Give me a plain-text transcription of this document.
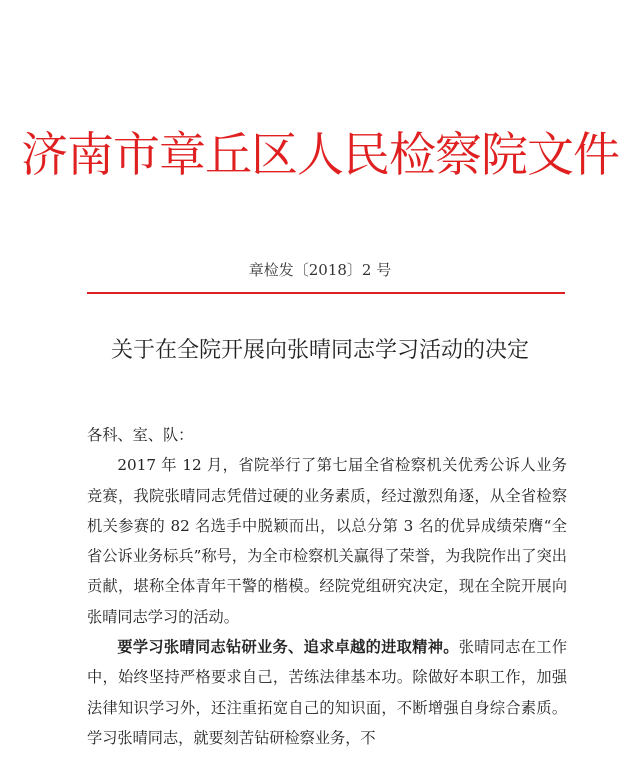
济南市章丘区人民检察院文件
章检发〔2018〕2 号
关于在全院开展向张晴同志学习活动的决定

各科、室、队：

2017 年 12 月，省院举行了第七届全省检察机关优秀公诉人业务竞赛，我院张晴同志凭借过硬的业务素质，经过激烈角逐，从全省检察机关参赛的 82 名选手中脱颖而出，以总分第 3 名的优异成绩荣膺“全省公诉业务标兵”称号，为全市检察机关赢得了荣誉，为我院作出了突出贡献，堪称全体青年干警的楷模。经院党组研究决定，现在全院开展向张晴同志学习的活动。

要学习张晴同志钻研业务、追求卓越的进取精神。张晴同志在工作中，始终坚持严格要求自己，苦练法律基本功。除做好本职工作，加强法律知识学习外，还注重拓宽自己的知识面，不断增强自身综合素质。学习张晴同志，就要刻苦钻研检察业务，不
